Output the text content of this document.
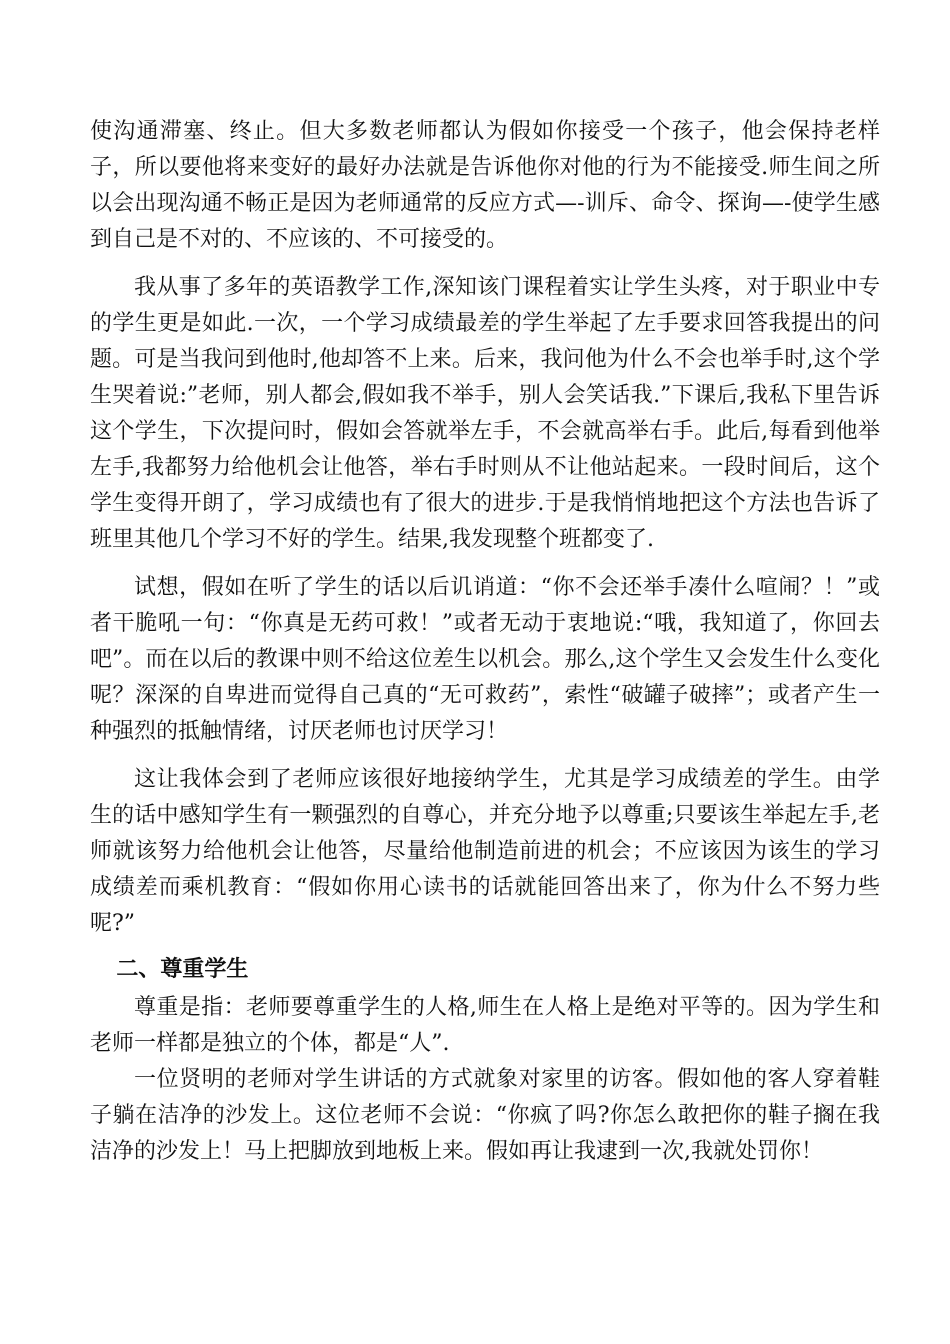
使沟通滞塞、终止。但大多数老师都认为假如你接受一个孩子，他会保持老样子，所以要他将来变好的最好办法就是告诉他你对他的行为不能接受.师生间之所以会出现沟通不畅正是因为老师通常的反应方式—-训斥、命令、探询—-使学生感到自己是不对的、不应该的、不可接受的。

我从事了多年的英语教学工作,深知该门课程着实让学生头疼，对于职业中专的学生更是如此.一次，一个学习成绩最差的学生举起了左手要求回答我提出的问题。可是当我问到他时,他却答不上来。后来，我问他为什么不会也举手时,这个学生哭着说:”老师，别人都会,假如我不举手，别人会笑话我.”下课后,我私下里告诉这个学生，下次提问时，假如会答就举左手，不会就高举右手。此后,每看到他举左手,我都努力给他机会让他答，举右手时则从不让他站起来。一段时间后，这个学生变得开朗了，学习成绩也有了很大的进步.于是我悄悄地把这个方法也告诉了班里其他几个学习不好的学生。结果,我发现整个班都变了.

试想，假如在听了学生的话以后讥诮道：“你不会还举手凑什么喧闹？！”或者干脆吼一句：“你真是无药可救！”或者无动于衷地说:“哦，我知道了，你回去吧”。而在以后的教课中则不给这位差生以机会。那么,这个学生又会发生什么变化呢？深深的自卑进而觉得自己真的“无可救药”，索性“破罐子破摔”；或者产生一种强烈的抵触情绪，讨厌老师也讨厌学习！

这让我体会到了老师应该很好地接纳学生，尤其是学习成绩差的学生。由学生的话中感知学生有一颗强烈的自尊心，并充分地予以尊重;只要该生举起左手,老师就该努力给他机会让他答，尽量给他制造前进的机会；不应该因为该生的学习成绩差而乘机教育：“假如你用心读书的话就能回答出来了，你为什么不努力些呢?”

二、尊重学生

尊重是指：老师要尊重学生的人格,师生在人格上是绝对平等的。因为学生和老师一样都是独立的个体，都是“人”.

一位贤明的老师对学生讲话的方式就象对家里的访客。假如他的客人穿着鞋子躺在洁净的沙发上。这位老师不会说：“你疯了吗?你怎么敢把你的鞋子搁在我洁净的沙发上！马上把脚放到地板上来。假如再让我逮到一次,我就处罚你！
